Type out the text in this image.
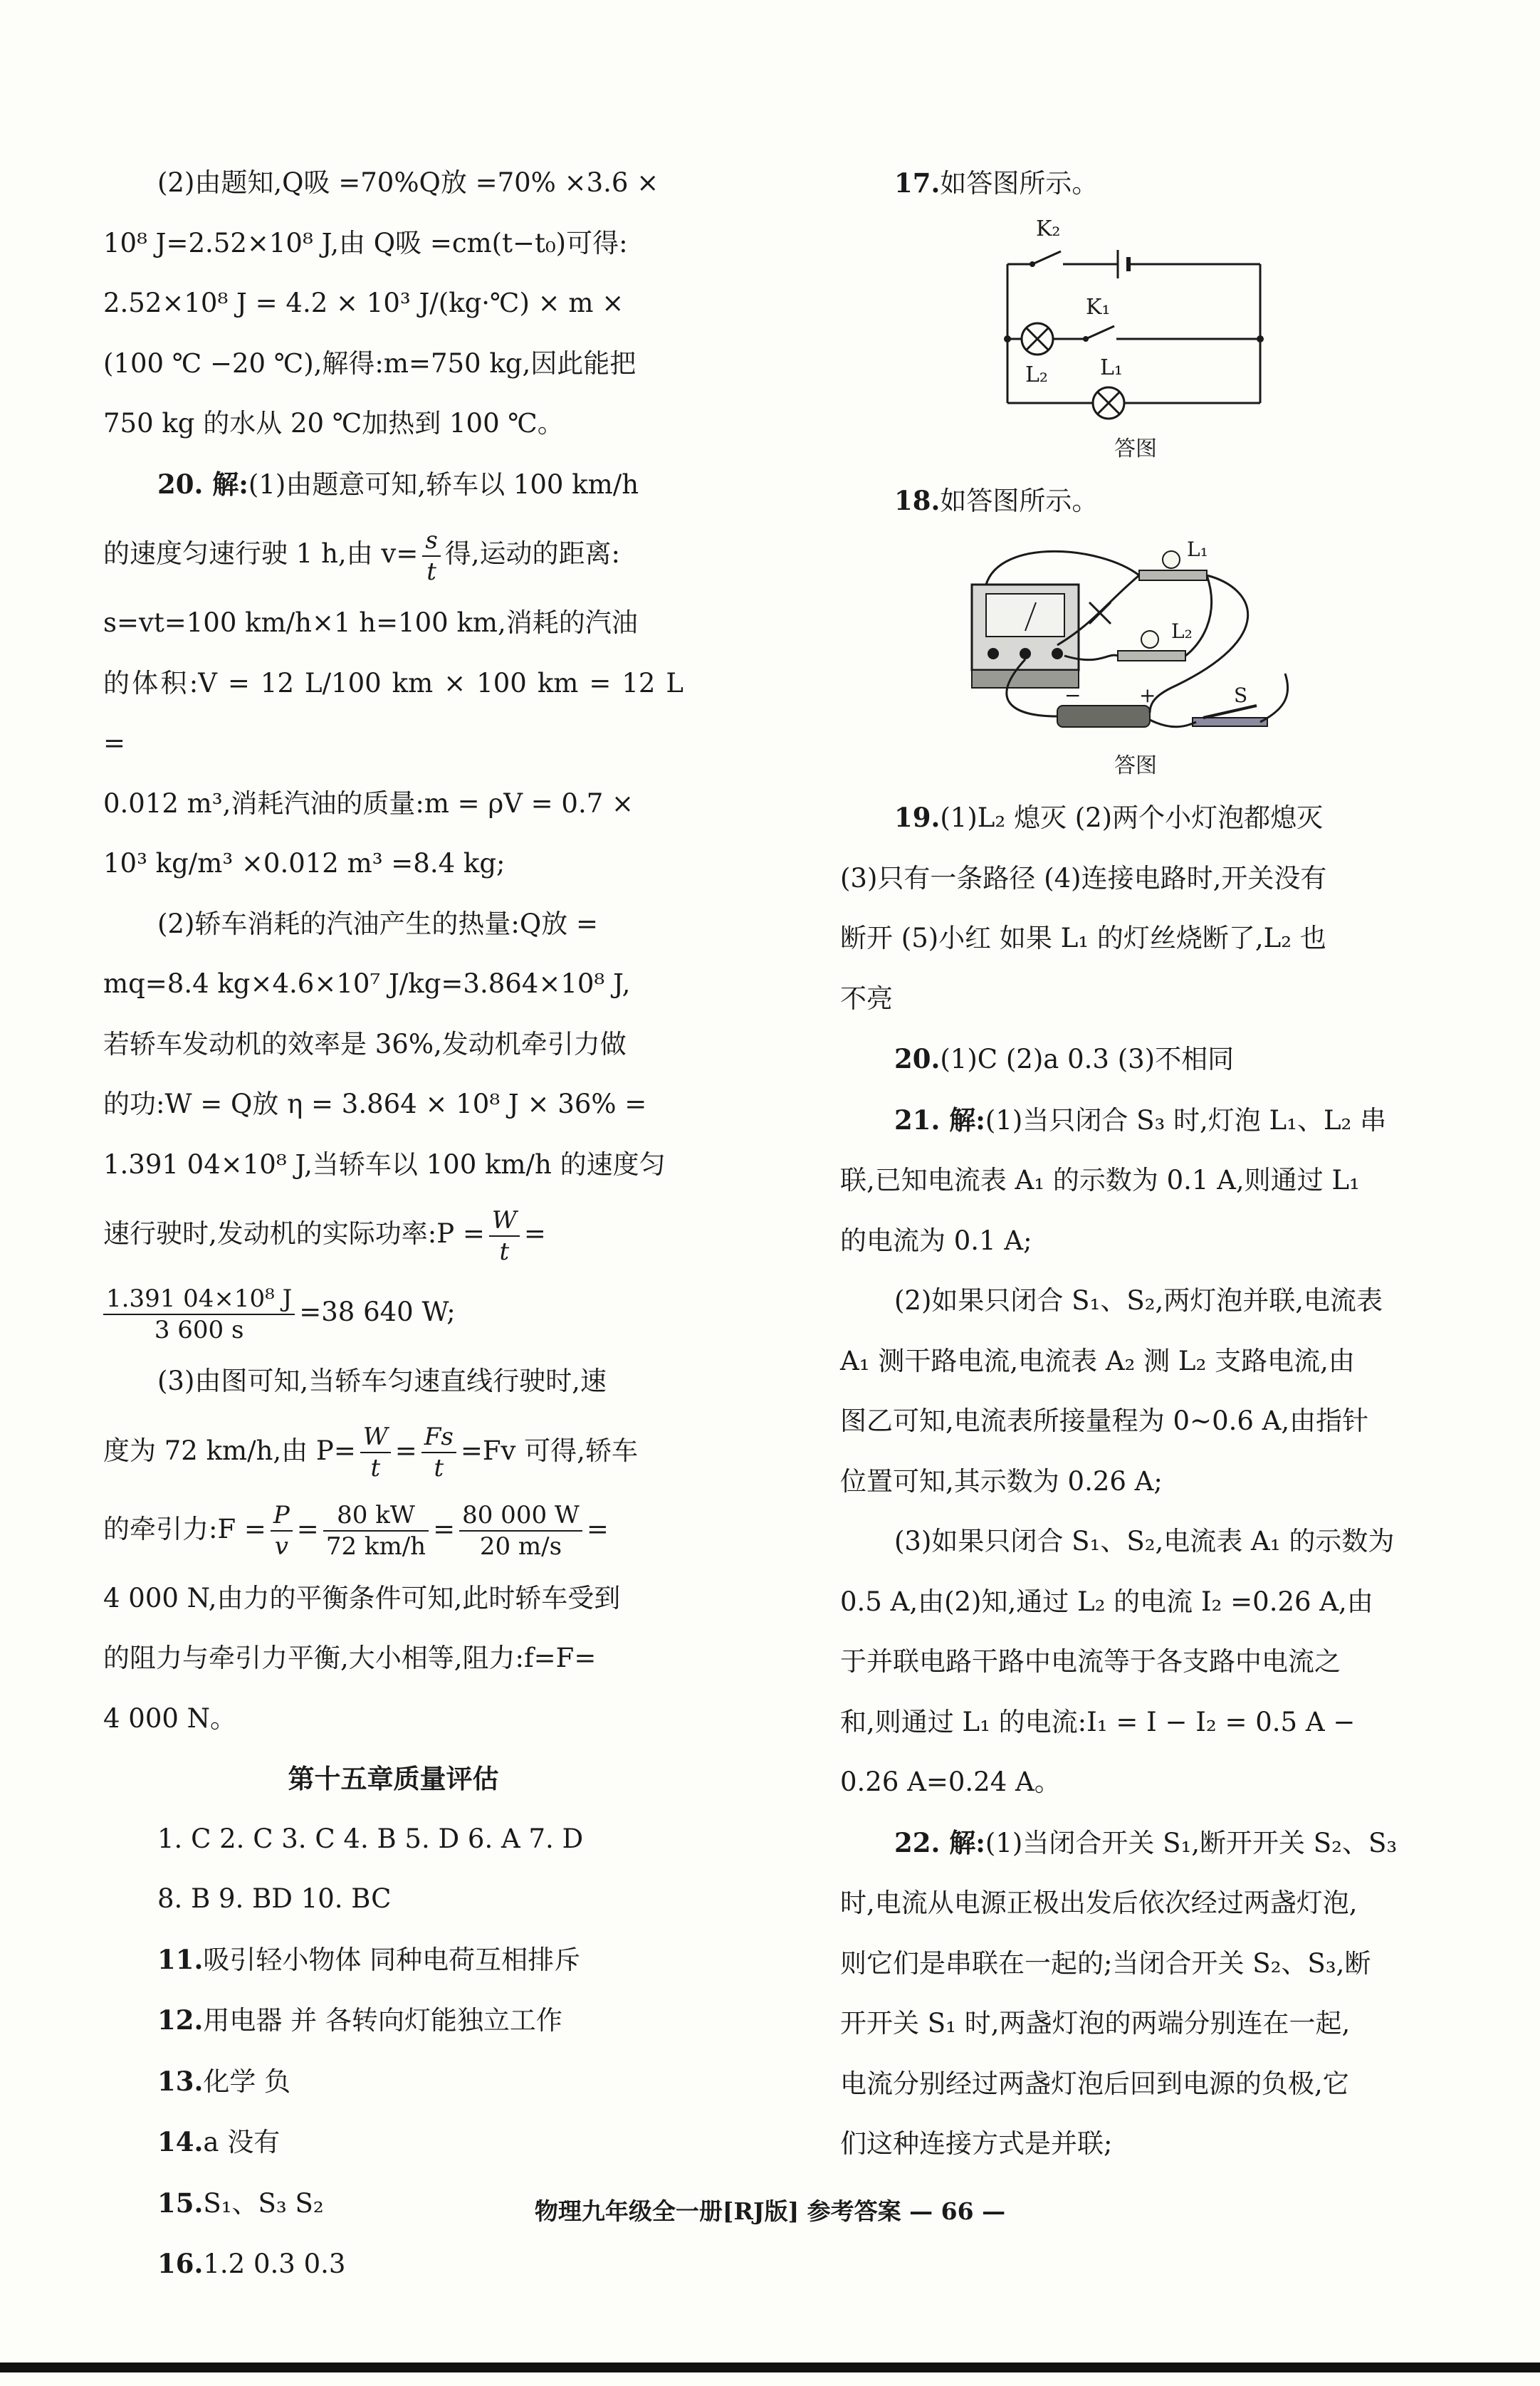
(2)由题知,Q吸 =70%Q放 =70% ×3.6 ×

10⁸ J=2.52×10⁸ J,由 Q吸 =cm(t−t₀)可得:

2.52×10⁸ J = 4.2 × 10³ J/(kg·℃) × m ×

(100 ℃ −20 ℃),解得:m=750 kg,因此能把

750 kg 的水从 20 ℃加热到 100 ℃。

20. 解:(1)由题意可知,轿车以 100 km/h

的速度匀速行驶 1 h,由 $v= \frac{s}{t}$ 得,运动的距离:

s=vt=100 km/h×1 h=100 km,消耗的汽油

的体积:V = 12 L/100 km × 100 km = 12 L =

0.012 m³,消耗汽油的质量:m = ρV = 0.7 ×

10³ kg/m³ ×0.012 m³ =8.4 kg;

(2)轿车消耗的汽油产生的热量:Q放 =

mq=8.4 kg×4.6×10⁷ J/kg=3.864×10⁸ J,

若轿车发动机的效率是 36%,发动机牵引力做

的功:W = Q放 η = 3.864 × 10⁸ J × 36% =

1.391 04×10⁸ J,当轿车以 100 km/h 的速度匀

速行驶时,发动机的实际功率:P = $\frac{W}{t}$ =

$\frac{\text{1.391 04×10⁸ J}}{3 600 s} =38$ 640 W;

(3)由图可知,当轿车匀速直线行驶时,速

度为 72 km/h,由 $P= \frac{W}{t} = \frac{Fs}{t} =Fv$ 可得,轿车

的牵引力:F = $\frac{P}{v} = \frac{80 kW}{72 km/h} = \frac{80 000 W}{20 m/s}$ =

4 000 N,由力的平衡条件可知,此时轿车受到

的阻力与牵引力平衡,大小相等,阻力:f=F=

4 000 N。

第十五章质量评估

1. C 2. C 3. C 4. B 5. D 6. A 7. D

8. B 9. BD 10. BC

11.吸引轻小物体 同种电荷互相排斥

12.用电器 并 各转向灯能独立工作

13.化学 负

14.a 没有

15.S₁、S₃ S₂

16.1.2 0.3 0.3

17.如答图所示。

K₂
K₁
L₂ L₁

答图

18.如答图所示。

L₁
L₂
S
−	+

答图

19.(1)L₂ 熄灭 (2)两个小灯泡都熄灭

(3)只有一条路径 (4)连接电路时,开关没有

断开 (5)小红 如果 L₁ 的灯丝烧断了,L₂ 也

不亮

20.(1)C (2)a 0.3 (3)不相同

21. 解:(1)当只闭合 S₃ 时,灯泡 L₁、L₂ 串

联,已知电流表 A₁ 的示数为 0.1 A,则通过 L₁

的电流为 0.1 A;

(2)如果只闭合 S₁、S₂,两灯泡并联,电流表

A₁ 测干路电流,电流表 A₂ 测 L₂ 支路电流,由

图乙可知,电流表所接量程为 0~0.6 A,由指针

位置可知,其示数为 0.26 A;

(3)如果只闭合 S₁、S₂,电流表 A₁ 的示数为

0.5 A,由(2)知,通过 L₂ 的电流 I₂ =0.26 A,由

于并联电路干路中电流等于各支路中电流之

和,则通过 L₁ 的电流:I₁ = I − I₂ = 0.5 A −

0.26 A=0.24 A。

22. 解:(1)当闭合开关 S₁,断开开关 S₂、S₃

时,电流从电源正极出发后依次经过两盏灯泡,

则它们是串联在一起的;当闭合开关 S₂、S₃,断

开开关 S₁ 时,两盏灯泡的两端分别连在一起,

电流分别经过两盏灯泡后回到电源的负极,它

们这种连接方式是并联;

物理九年级全一册[RJ版] 参考答案 — 66 —
